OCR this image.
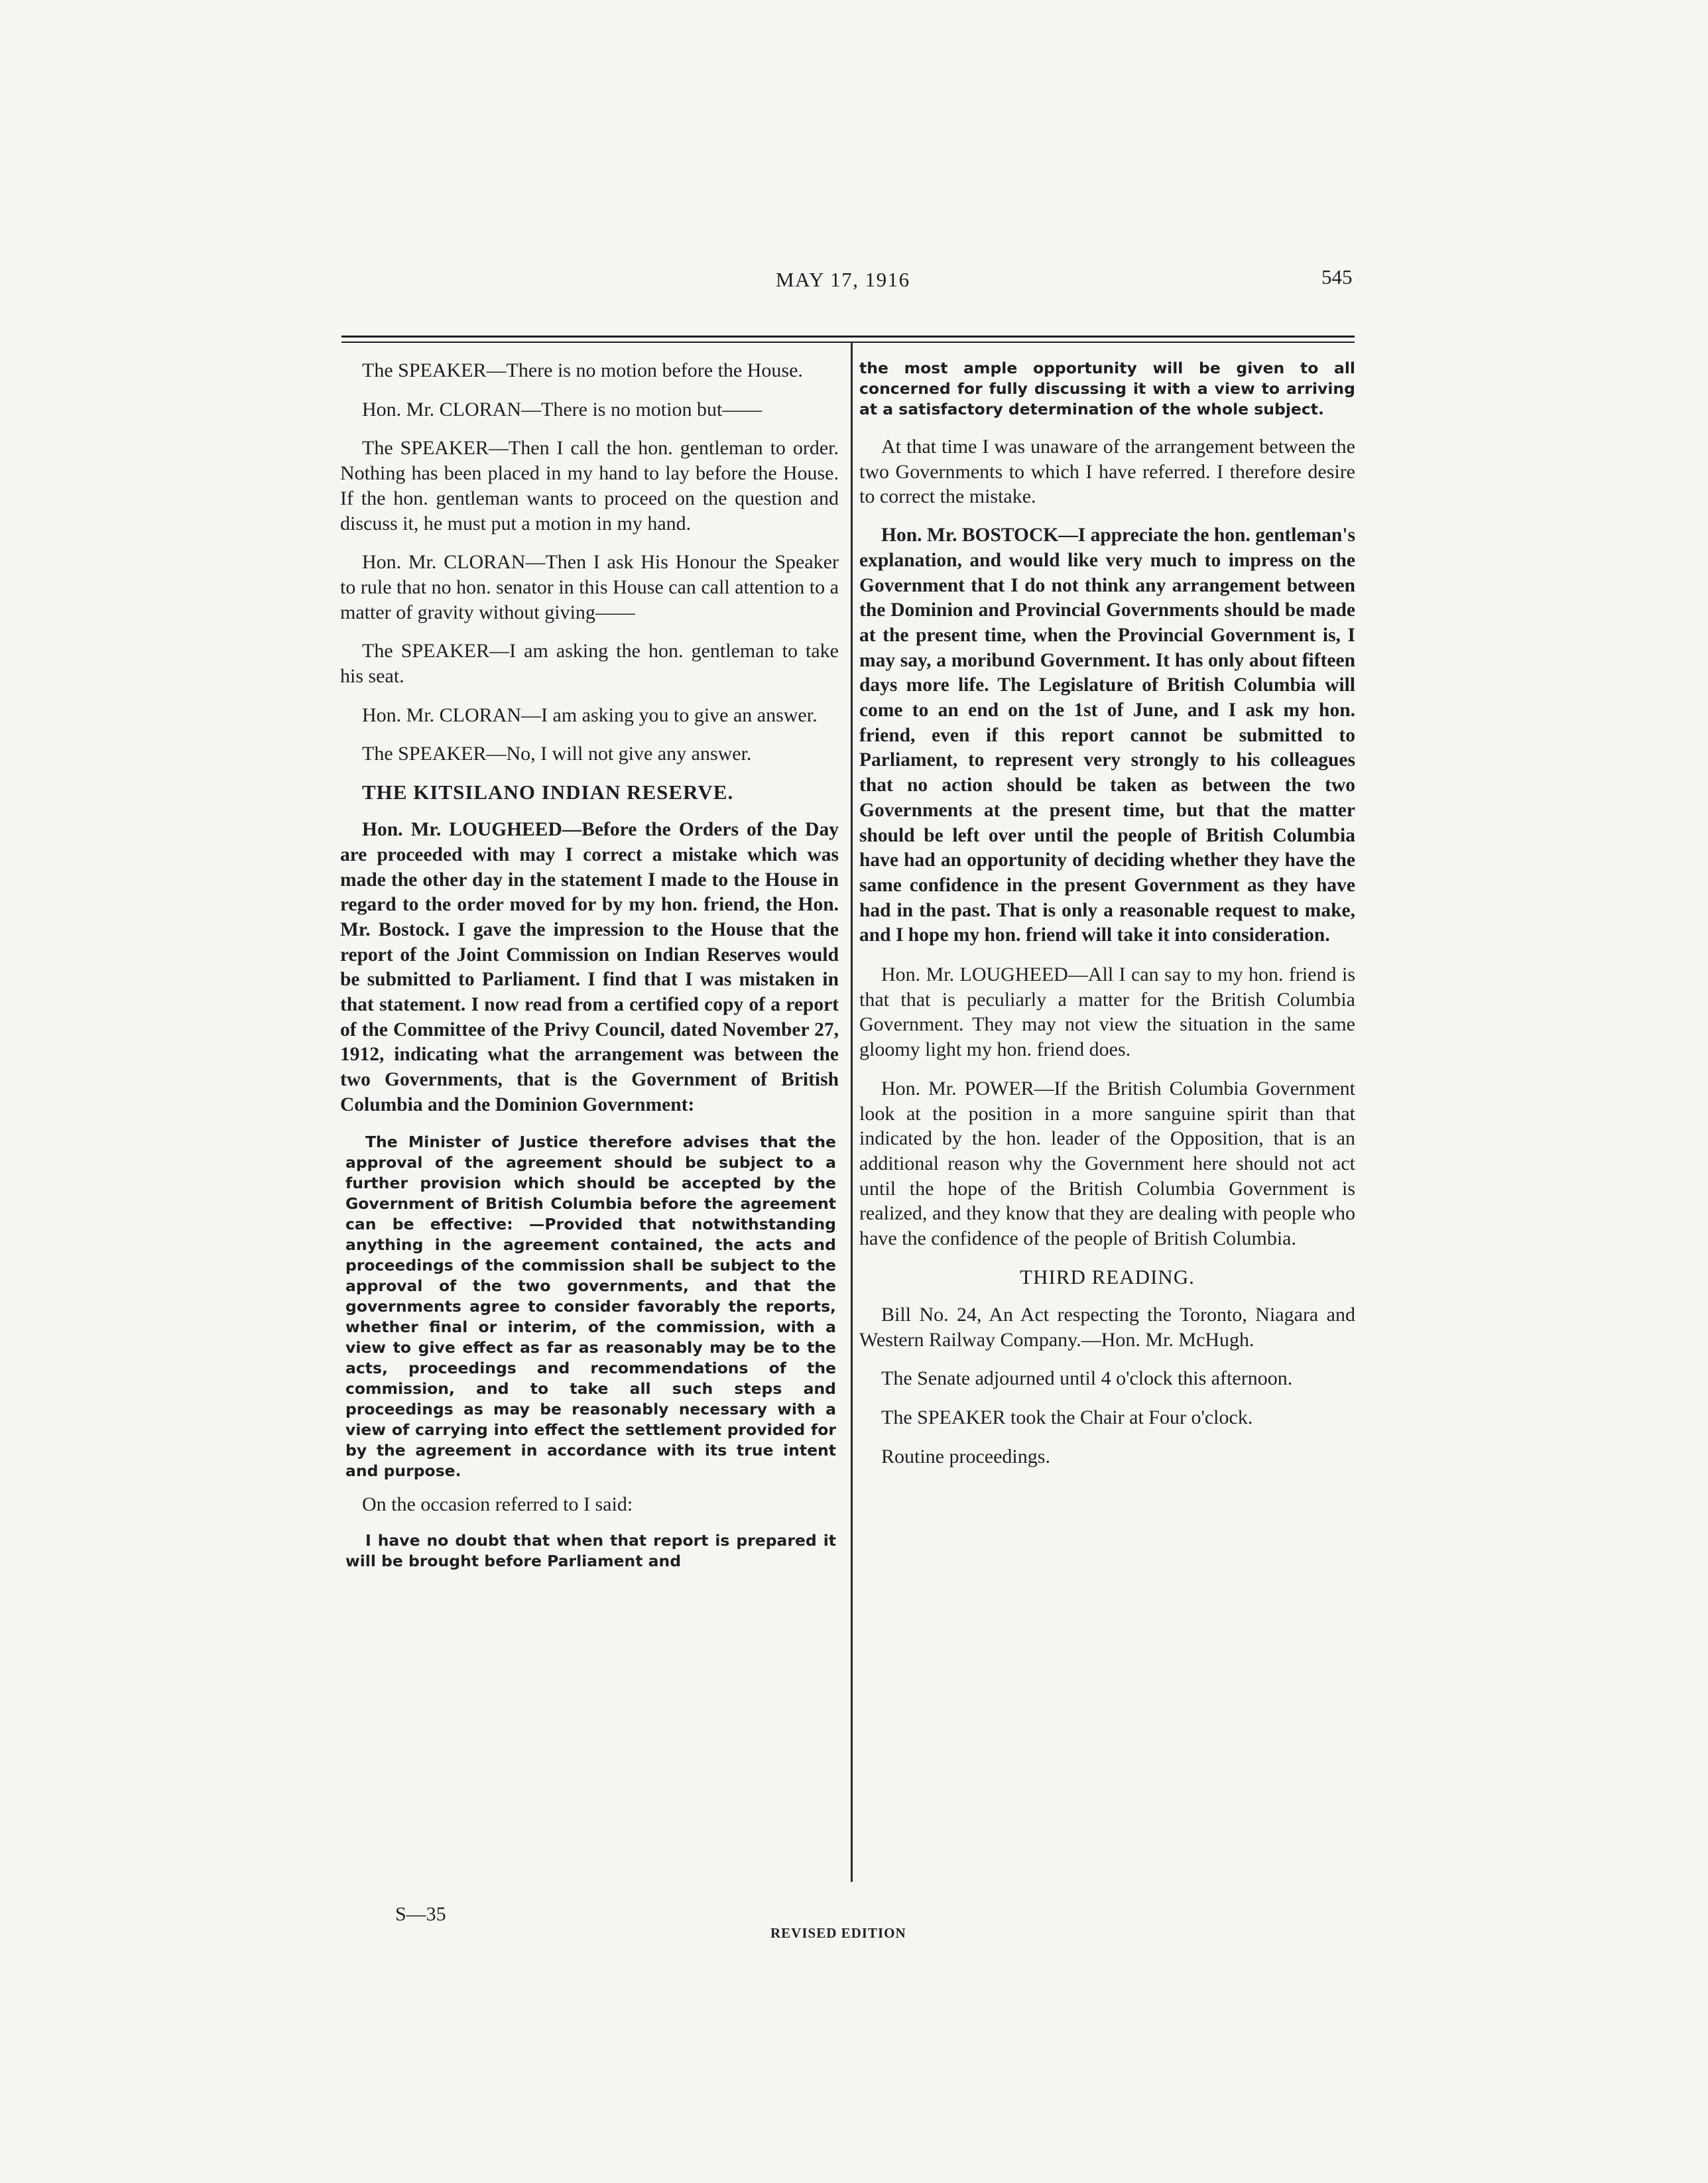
MAY 17, 1916	545

The SPEAKER—There is no motion before the House.

Hon. Mr. CLORAN—There is no motion but——

The SPEAKER—Then I call the hon. gentleman to order. Nothing has been placed in my hand to lay before the House. If the hon. gentleman wants to proceed on the question and discuss it, he must put a motion in my hand.

Hon. Mr. CLORAN—Then I ask His Honour the Speaker to rule that no hon. senator in this House can call attention to a matter of gravity without giving——

The SPEAKER—I am asking the hon. gentleman to take his seat.

Hon. Mr. CLORAN—I am asking you to give an answer.

The SPEAKER—No, I will not give any answer.

THE KITSILANO INDIAN RESERVE.

Hon. Mr. LOUGHEED—Before the Orders of the Day are proceeded with may I correct a mistake which was made the other day in the statement I made to the House in regard to the order moved for by my hon. friend, the Hon. Mr. Bostock. I gave the impression to the House that the report of the Joint Commission on Indian Reserves would be submitted to Parliament. I find that I was mistaken in that statement. I now read from a certified copy of a report of the Committee of the Privy Council, dated November 27, 1912, indicating what the arrangement was between the two Governments, that is the Government of British Columbia and the Dominion Government:

The Minister of Justice therefore advises that the approval of the agreement should be subject to a further provision which should be accepted by the Government of British Columbia before the agreement can be effective: —Provided that notwithstanding anything in the agreement contained, the acts and proceedings of the commission shall be subject to the approval of the two governments, and that the governments agree to consider favorably the reports, whether final or interim, of the commission, with a view to give effect as far as reasonably may be to the acts, proceedings and recommendations of the commission, and to take all such steps and proceedings as may be reasonably necessary with a view of carrying into effect the settlement provided for by the agreement in accordance with its true intent and purpose.

On the occasion referred to I said:

I have no doubt that when that report is prepared it will be brought before Parliament and

the most ample opportunity will be given to all concerned for fully discussing it with a view to arriving at a satisfactory determination of the whole subject.

At that time I was unaware of the arrangement between the two Governments to which I have referred. I therefore desire to correct the mistake.

Hon. Mr. BOSTOCK—I appreciate the hon. gentleman's explanation, and would like very much to impress on the Government that I do not think any arrangement between the Dominion and Provincial Governments should be made at the present time, when the Provincial Government is, I may say, a moribund Government. It has only about fifteen days more life. The Legislature of British Columbia will come to an end on the 1st of June, and I ask my hon. friend, even if this report cannot be submitted to Parliament, to represent very strongly to his colleagues that no action should be taken as between the two Governments at the present time, but that the matter should be left over until the people of British Columbia have had an opportunity of deciding whether they have the same confidence in the present Government as they have had in the past. That is only a reasonable request to make, and I hope my hon. friend will take it into consideration.

Hon. Mr. LOUGHEED—All I can say to my hon. friend is that that is peculiarly a matter for the British Columbia Government. They may not view the situation in the same gloomy light my hon. friend does.

Hon. Mr. POWER—If the British Columbia Government look at the position in a more sanguine spirit than that indicated by the hon. leader of the Opposition, that is an additional reason why the Government here should not act until the hope of the British Columbia Government is realized, and they know that they are dealing with people who have the confidence of the people of British Columbia.

THIRD READING.

Bill No. 24, An Act respecting the Toronto, Niagara and Western Railway Company.—Hon. Mr. McHugh.

The Senate adjourned until 4 o'clock this afternoon.

The SPEAKER took the Chair at Four o'clock.

Routine proceedings.

S—35
REVISED EDITION
